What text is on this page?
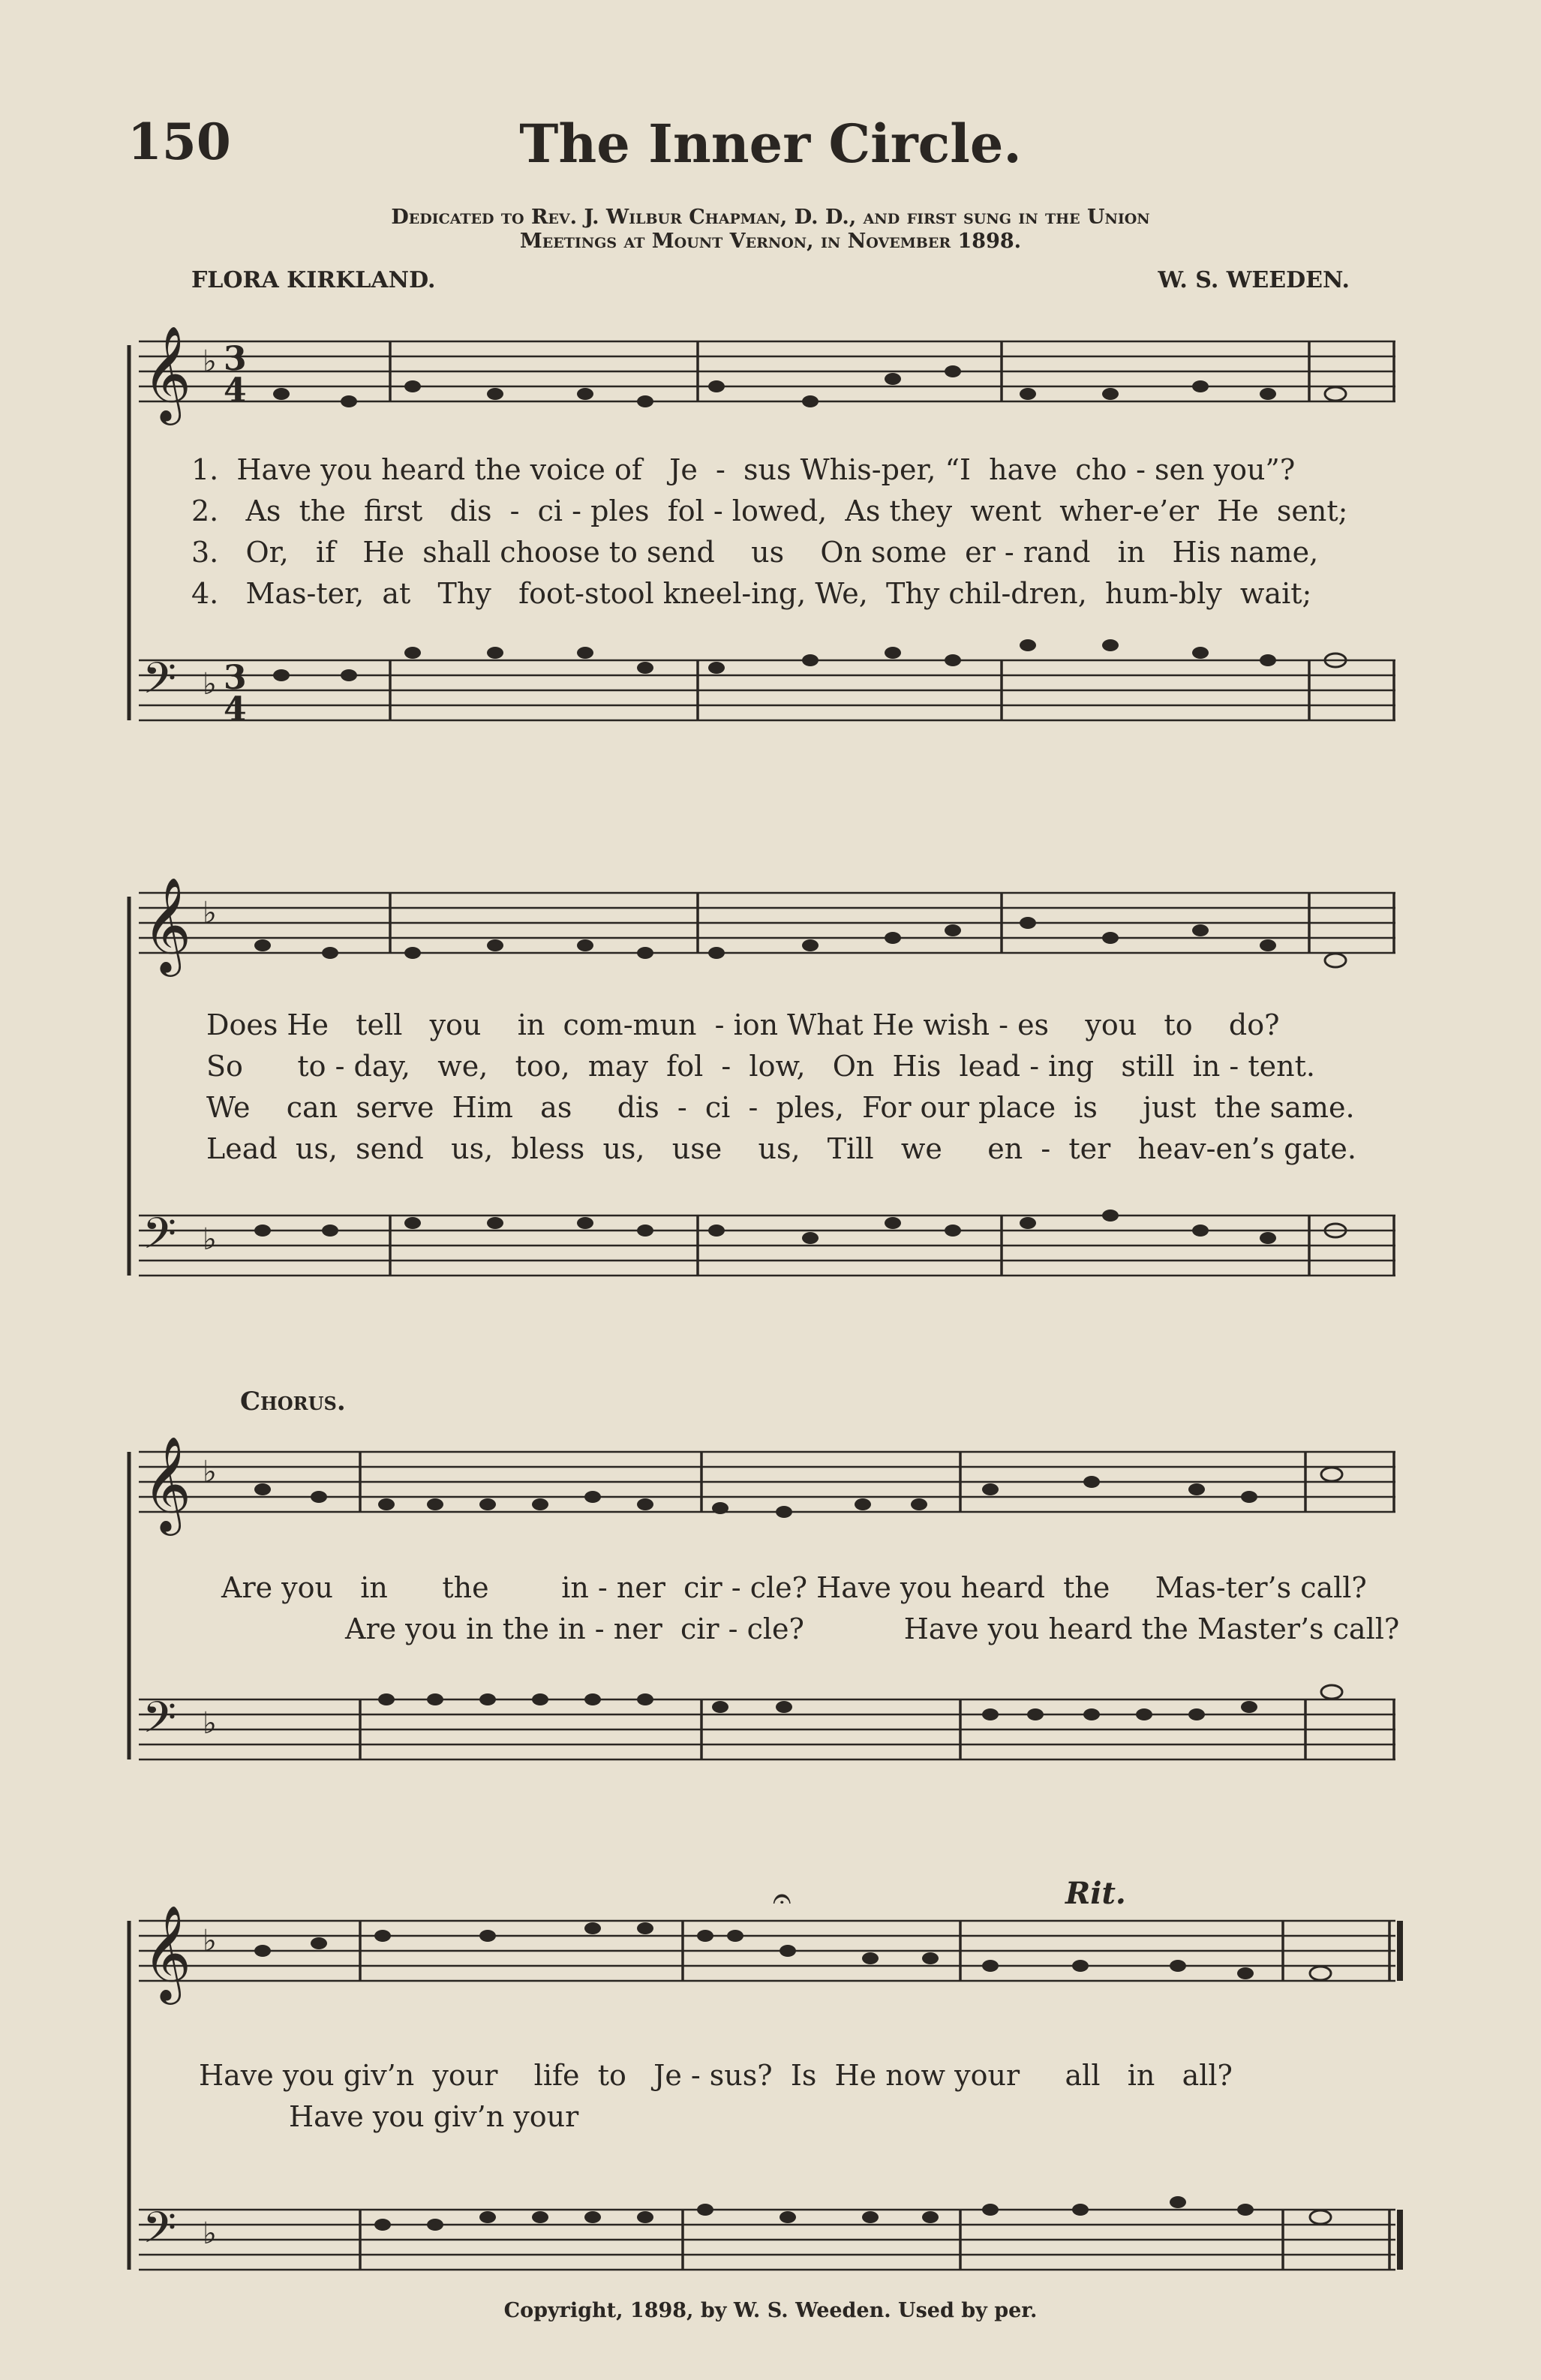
150	The Inner Circle.
Dedicated to Rev. J. Wilbur Chapman, D. D., and first sung in the Union
Meetings at Mount Vernon, in November 1898.
FLORA KIRKLAND.	W. S. WEEDEN.
𝄞 ♭ 3
4
𝄢 ♭ 3
4
1.  Have you heard the voice of   Je  -  sus Whis-per, “I  have  cho - sen you”?
2.   As  the  first   dis  -  ci - ples  fol - lowed,  As they  went  wher-e’er  He  sent;
3.   Or,   if   He  shall choose to send    us    On some  er - rand   in   His name,
4.   Mas-ter,  at   Thy   foot-stool kneel-ing, We,  Thy chil-dren,  hum-bly  wait;
𝄞 ♭
𝄢 ♭
Does He   tell   you    in  com-mun  - ion What He wish - es    you   to    do?
So      to - day,   we,   too,  may  fol  -  low,   On  His  lead - ing   still  in - tent.
We    can  serve  Him   as     dis  -  ci  -  ples,  For our place  is     just  the same.
Lead  us,  send   us,  bless  us,   use    us,   Till   we     en  -  ter   heav-en’s gate.
Chorus.
𝄞 ♭
𝄢 ♭
Are you   in      the        in - ner  cir - cle? Have you heard  the     Mas-ter’s call?
Are you in the in - ner  cir - cle?           Have you heard the Master’s call?
Rit.
𝄞 ♭
𝄐
𝄢 ♭
Have you giv’n  your    life  to   Je - sus?  Is  He now your     all   in   all?
Have you giv’n your
Copyright, 1898, by W. S. Weeden. Used by per.
